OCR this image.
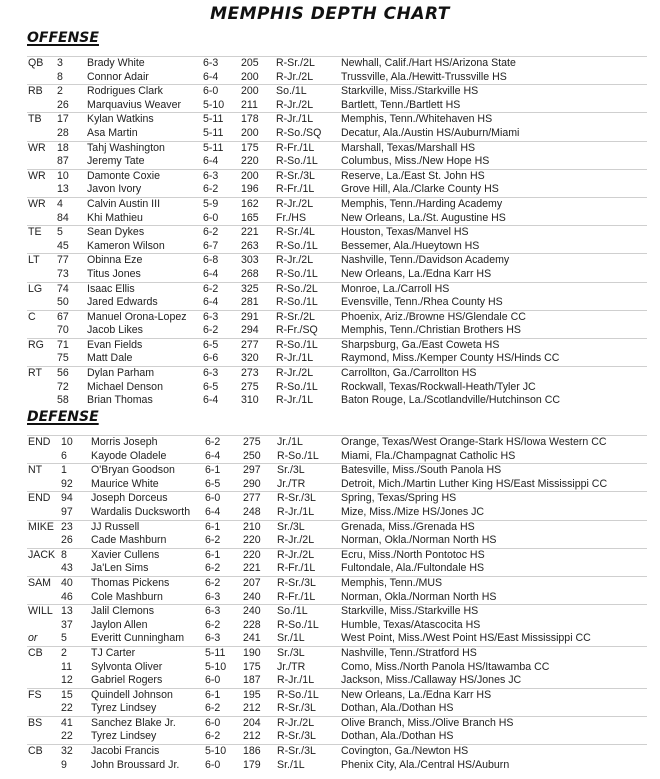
MEMPHIS DEPTH CHART
OFFENSE
QB 3 Brady White	6-3 205 R-Sr./2L Newhall, Calif./Hart HS/Arizona State
8 Connor Adair	6-4 200 R-Jr./2L	Trussville, Ala./Hewitt-Trussville HS
RB 2 Rodrigues Clark	6-0 200 So./1L	Starkville, Miss./Starkville HS
26 Marquavius Weaver 5-10 211 R-Jr./2L	Bartlett, Tenn./Bartlett HS
TB 17 Kylan Watkins	5-11 178 R-Jr./1L	Memphis, Tenn./Whitehaven HS
28 Asa Martin	5-11 200 R-So./SQ Decatur, Ala./Austin HS/Auburn/Miami
WR 18 Tahj Washington	5-11 175 R-Fr./1L	Marshall, Texas/Marshall HS
87 Jeremy Tate	6-4 220 R-So./1L Columbus, Miss./New Hope HS
WR 10 Damonte Coxie	6-3 200 R-Sr./3L Reserve, La./East St. John HS
13 Javon Ivory	6-2 196 R-Fr./1L	Grove Hill, Ala./Clarke County HS
WR 4 Calvin Austin III	5-9 162 R-Jr./2L	Memphis, Tenn./Harding Academy
84 Khi Mathieu	6-0 165 Fr./HS	New Orleans, La./St. Augustine HS
TE 5 Sean Dykes	6-2 221 R-Sr./4L Houston, Texas/Manvel HS
45 Kameron Wilson	6-7 263 R-So./1L Bessemer, Ala./Hueytown HS
LT 77 Obinna Eze	6-8 303 R-Jr./2L	Nashville, Tenn./Davidson Academy
73 Titus Jones	6-4 268 R-So./1L New Orleans, La./Edna Karr HS
LG 74 Isaac Ellis	6-2 325 R-So./2L Monroe, La./Carroll HS
50 Jared Edwards	6-4 281 R-So./1L Evensville, Tenn./Rhea County HS
C 67 Manuel Orona-Lopez 6-3 291 R-Sr./2L Phoenix, Ariz./Browne HS/Glendale CC
70 Jacob Likes	6-2 294 R-Fr./SQ Memphis, Tenn./Christian Brothers HS
RG 71 Evan Fields	6-5 277 R-So./1L Sharpsburg, Ga./East Coweta HS
75 Matt Dale	6-6 320 R-Jr./1L	Raymond, Miss./Kemper County HS/Hinds CC
RT 56 Dylan Parham	6-3 273 R-Jr./2L	Carrollton, Ga./Carrollton HS
72 Michael Denson	6-5 275 R-So./1L Rockwall, Texas/Rockwall-Heath/Tyler JC
58 Brian Thomas	6-4 310 R-Jr./1L	Baton Rouge, La./Scotlandville/Hutchinson CC
DEFENSE
END 10 Morris Joseph	6-2 275 Jr./1L	Orange, Texas/West Orange-Stark HS/Iowa Western CC
6 Kayode Oladele	6-4 250 R-So./1L Miami, Fla./Champagnat Catholic HS
NT 1 O'Bryan Goodson	6-1 297 Sr./3L	Batesville, Miss./South Panola HS
92 Maurice White	6-5 290 Jr./TR	Detroit, Mich./Martin Luther King HS/East Mississippi CC
END 94 Joseph Dorceus	6-0 277 R-Sr./3L Spring, Texas/Spring HS
97 Wardalis Ducksworth 6-4 248 R-Jr./1L	Mize, Miss./Mize HS/Jones JC
MIKE 23 JJ Russell	6-1 210 Sr./3L	Grenada, Miss./Grenada HS
26 Cade Mashburn	6-2 220 R-Jr./2L	Norman, Okla./Norman North HS
JACK 8 Xavier Cullens	6-1 220 R-Jr./2L	Ecru, Miss./North Pontotoc HS
43 Ja'Len Sims	6-2 221 R-Fr./1L Fultondale, Ala./Fultondale HS
SAM 40 Thomas Pickens	6-2 207 R-Sr./3L Memphis, Tenn./MUS
46 Cole Mashburn	6-3 240 R-Fr./1L Norman, Okla./Norman North HS
WILL 13 Jalil Clemons	6-3 240 So./1L	Starkville, Miss./Starkville HS
37 Jaylon Allen	6-2 228 R-So./1L Humble, Texas/Atascocita HS
or 5 Everitt Cunningham 6-3 241 Sr./1L	West Point, Miss./West Point HS/East Mississippi CC
CB 2 TJ Carter	5-11 190 Sr./3L	Nashville, Tenn./Stratford HS
11 Sylvonta Oliver	5-10 175 Jr./TR	Como, Miss./North Panola HS/Itawamba CC
12 Gabriel Rogers	6-0 187 R-Jr./1L	Jackson, Miss./Callaway HS/Jones JC
FS 15 Quindell Johnson	6-1 195 R-So./1L New Orleans, La./Edna Karr HS
22 Tyrez Lindsey	6-2 212 R-Sr./3L Dothan, Ala./Dothan HS
BS 41 Sanchez Blake Jr.	6-0 204 R-Jr./2L	Olive Branch, Miss./Olive Branch HS
22 Tyrez Lindsey	6-2 212 R-Sr./3L Dothan, Ala./Dothan HS
CB 32 Jacobi Francis	5-10 186 R-Sr./3L Covington, Ga./Newton HS
9 John Broussard Jr. 6-0 179 Sr./1L	Phenix City, Ala./Central HS/Auburn
